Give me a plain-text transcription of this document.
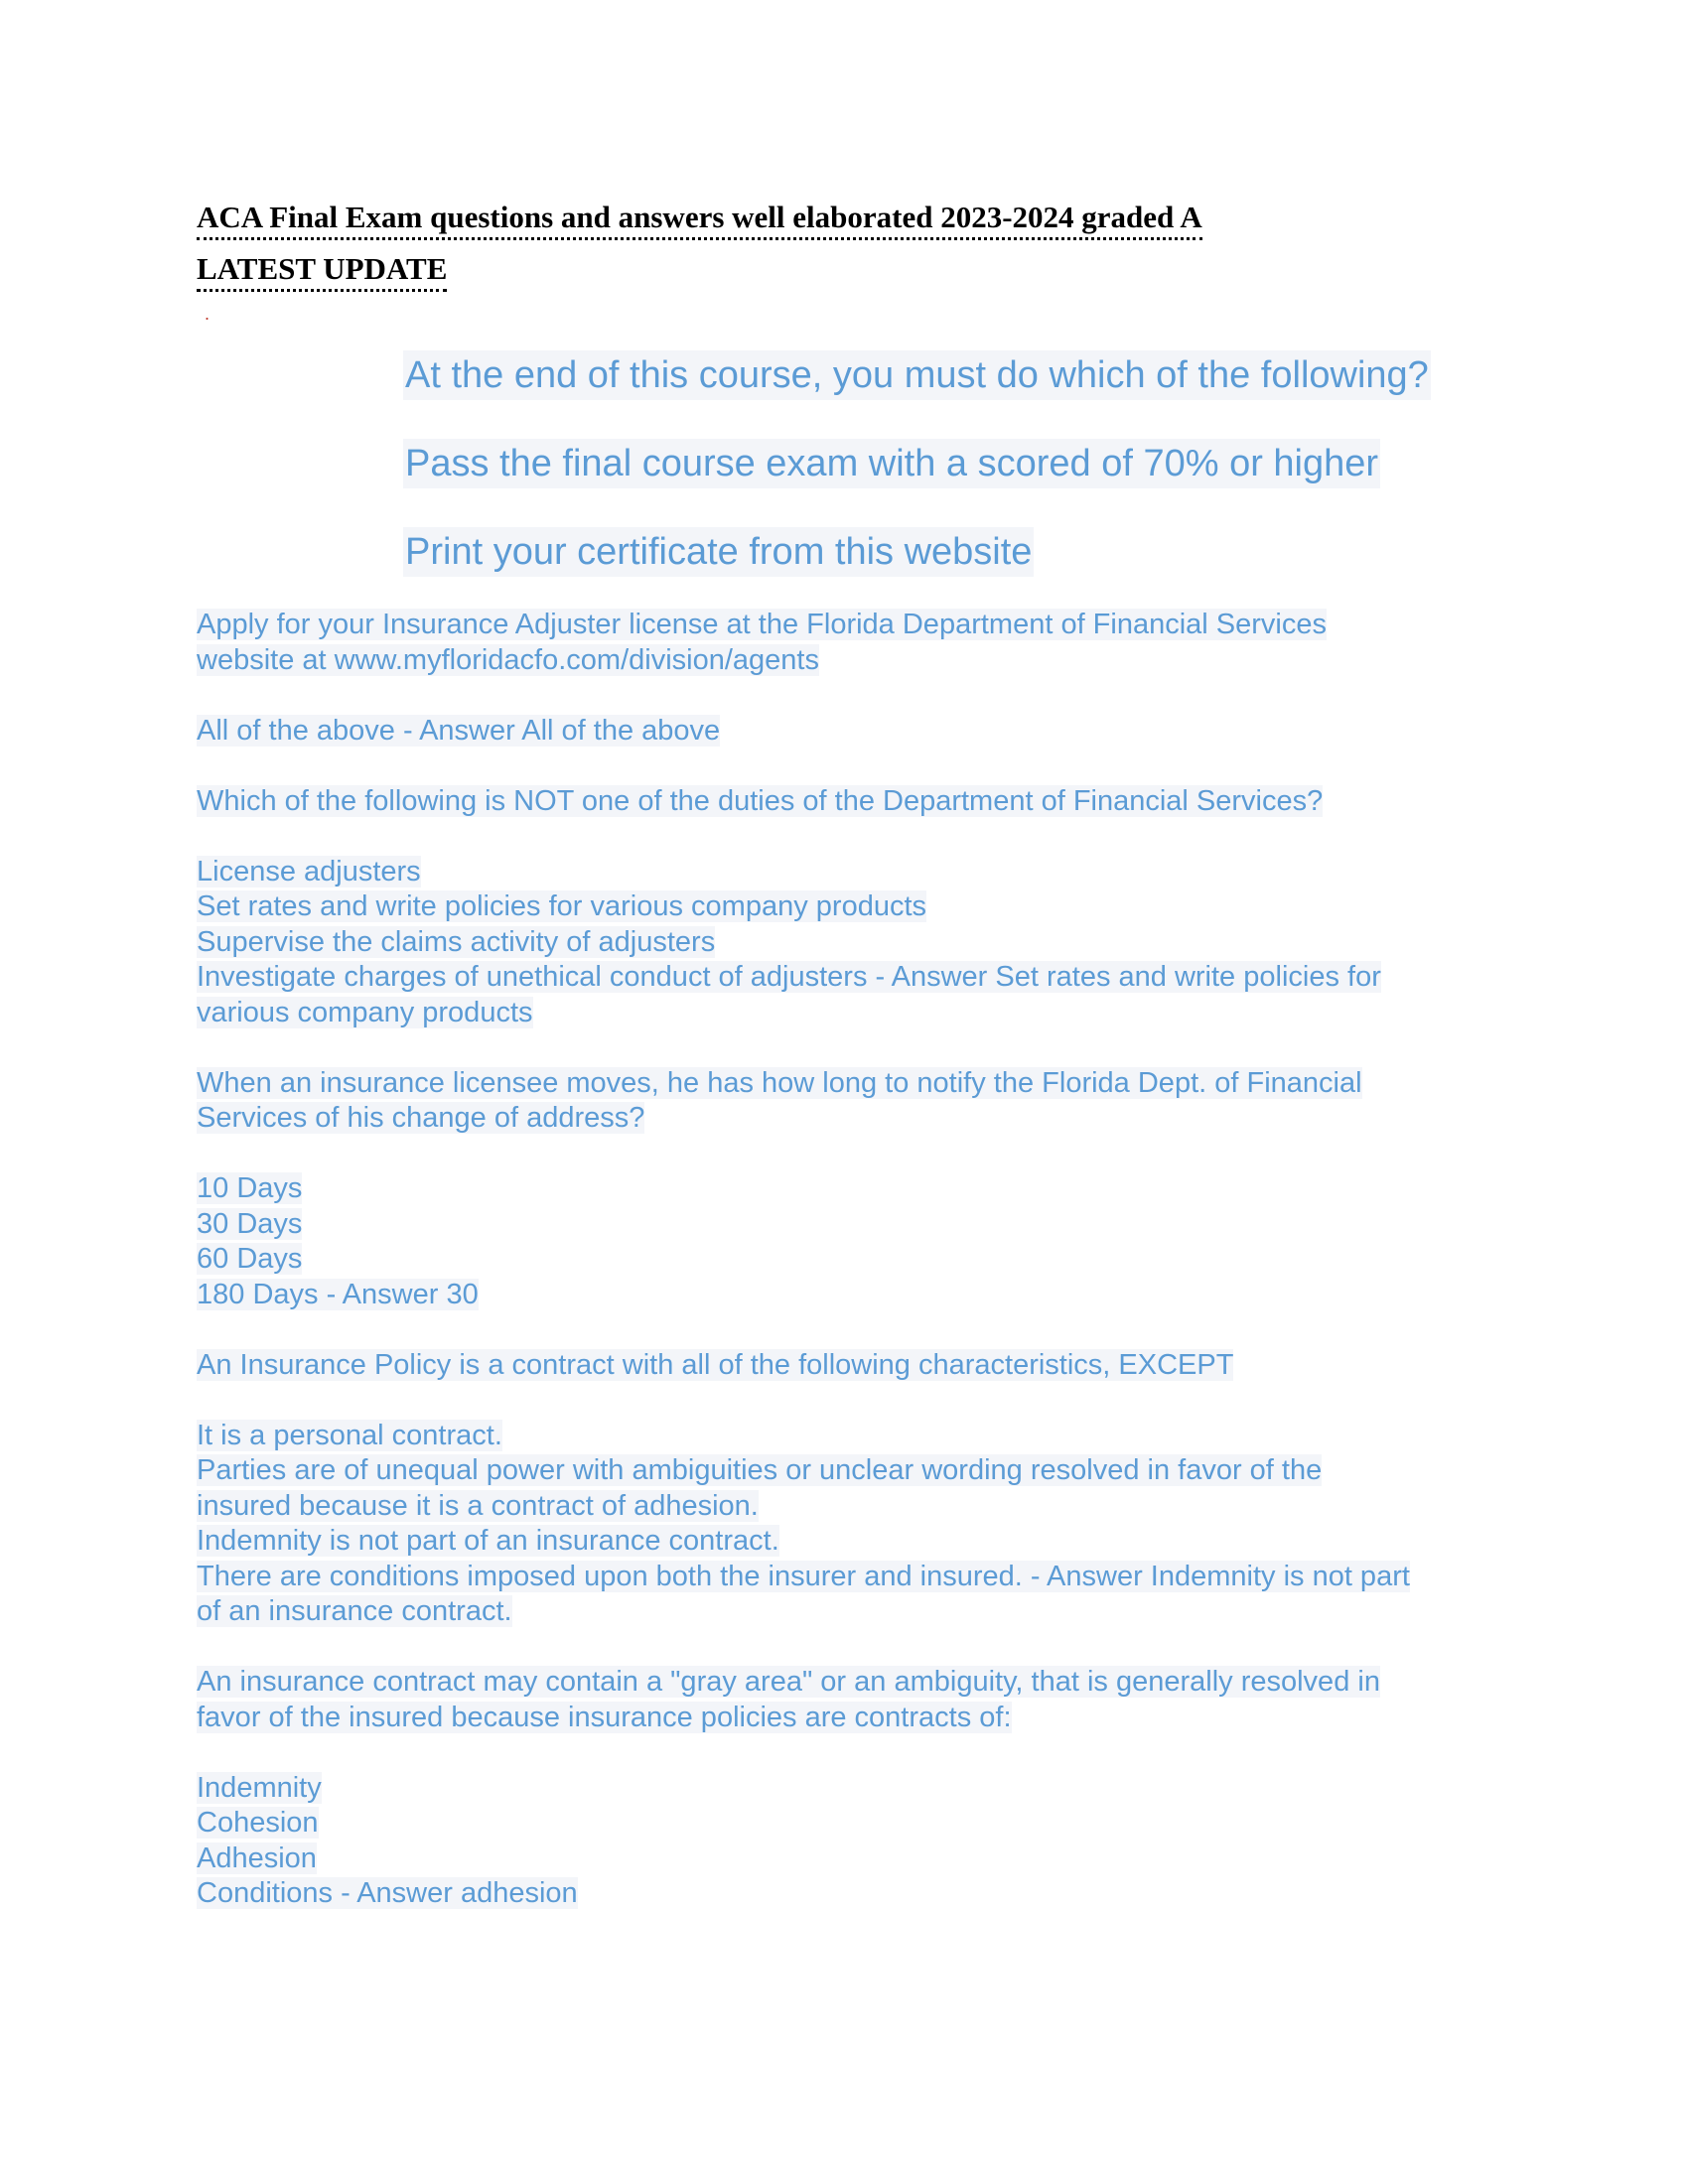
ACA Final Exam questions and answers well elaborated 2023-2024 graded A
LATEST UPDATE
.
At the end of this course, you must do which of the following?
Pass the final course exam with a scored of 70% or higher
Print your certificate from this website
Apply for your Insurance Adjuster license at the Florida Department of Financial Services
website at www.myfloridacfo.com/division/agents
All of the above - Answer All of the above
Which of the following is NOT one of the duties of the Department of Financial Services?
License adjusters
Set rates and write policies for various company products
Supervise the claims activity of adjusters
Investigate charges of unethical conduct of adjusters - Answer Set rates and write policies for
various company products
When an insurance licensee moves, he has how long to notify the Florida Dept. of Financial
Services of his change of address?
10 Days
30 Days
60 Days
180 Days - Answer 30
An Insurance Policy is a contract with all of the following characteristics, EXCEPT
It is a personal contract.
Parties are of unequal power with ambiguities or unclear wording resolved in favor of the
insured because it is a contract of adhesion.
Indemnity is not part of an insurance contract.
There are conditions imposed upon both the insurer and insured. - Answer Indemnity is not part
of an insurance contract.
An insurance contract may contain a "gray area" or an ambiguity, that is generally resolved in
favor of the insured because insurance policies are contracts of:
Indemnity
Cohesion
Adhesion
Conditions - Answer adhesion
